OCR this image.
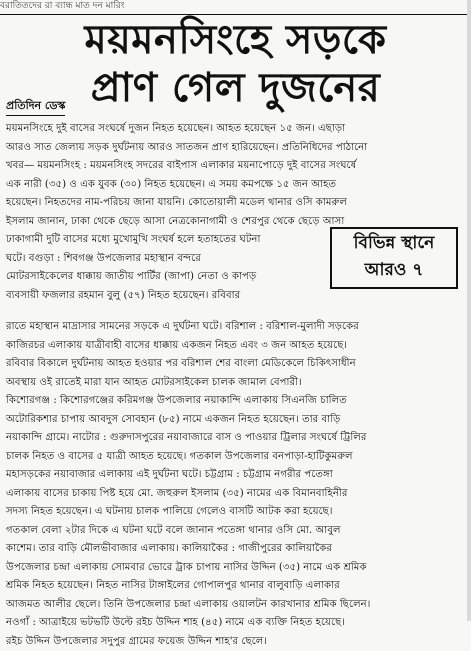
বরাতিতদের রা ব্যান্ধ মাত দন মারিং
ময়মনসিংহে সড়কে
প্রাণ গেল দুজনের
প্রতিদিন ডেস্ক
ময়মনসিংহে দুই বাসের সংঘর্ষে দুজন নিহত হয়েছেন। আহত হয়েছেন ১৫ জন। এছাড়া
আরও সাত জেলায় সড়ক দুর্ঘটনায় আরও সাতজন প্রাণ হারিয়েছেন। প্রতিনিধিদের পাঠানো
খবর— ময়মনসিংহ : ময়মনসিংহ সদরের বাইপাস এলাকার ময়নাপোড়ে দুই বাসের সংঘর্ষে
এক নারী (৩৫) ও এক যুবক (৩০) নিহত হয়েছেন। এ সময় কমপক্ষে ১৫ জন আহত
হয়েছেন। নিহতদের নাম-পরিচয় জানা যায়নি। কোতোয়ালী মডেল থানার ওসি কামরুল
ইসলাম জানান, ঢাকা থেকে ছেড়ে আসা নেত্রকোনাগামী ও শেরপুর থেকে ছেড়ে আসা
ঢাকাগামী দুটি বাসের মধ্যে মুখোমুখি সংঘর্ষ হলে হতাহতের ঘটনা
ঘটে। বগুড়া : শিবগঞ্জ উপজেলার মহাস্থান বন্দরে
মোটরসাইকেলের ধাক্কায় জাতীয় পার্টির (জাপা) নেতা ও কাপড়
ব্যবসায়ী ফজলার রহমান বুলু (৫৭) নিহত হয়েছেন। রবিবার
বিভিন্ন স্থানে
আরও ৭
রাতে মহাস্থান মাদ্রাসার সামনের সড়কে এ দুর্ঘটনা ঘটে। বরিশাল : বরিশাল-মুলাদী সড়কের
কাজিরচর এলাকায় যাত্রীবাহী বাসের ধাক্কায় একজন নিহত এবং ৩ জন আহত হয়েছে।
রবিবার বিকালে দুর্ঘটনায় আহত হওয়ার পর বরিশাল শের বাংলা মেডিকেলে চিকিৎসাধীন
অবস্থায় ওই রাতেই মারা যান আহত মোটরসাইকেল চালক জামাল বেপারী।
কিশোরগঞ্জ : কিশোরগঞ্জের করিমগঞ্জ উপজেলার নয়াকান্দি এলাকায় সিএনজি চালিত
অটোরিকশার চাপায় আবদুস সোবহান (৮৫) নামে একজন নিহত হয়েছেন। তার বাড়ি
নয়াকান্দি গ্রামে। নাটোর : গুরুদাসপুরের নয়াবাজারে বাস ও পাওয়ার ট্রিলার সংঘর্ষে ট্রিলির
চালক নিহত ও বাসের ৫ যাত্রী আহত হয়েছে। গতকাল উপজেলার বনপাড়া-হাটিকুমরুল
মহাসড়কের নয়াবাজার এলাকায় এই দুর্ঘটনা ঘটে। চট্টগ্রাম : চট্টগ্রাম নগরীর পতেঙ্গা
এলাকায় বাসের চাকায় পিষ্ট হয়ে মো. জহুরুল ইসলাম (৩৫) নামের এক বিমানবাহিনীর
সদস্য নিহত হয়েছেন। এ ঘটনায় চালক পালিয়ে গেলেও বাসটি আটক করা হয়েছে।
গতকাল বেলা ২টার দিকে এ ঘটনা ঘটে বলে জানান পতেঙ্গা থানার ওসি মো. আবুল
কাশেম। তার বাড়ি মৌলভীবাজার এলাকায়। কালিয়াকৈর : গাজীপুরের কালিয়াকৈর
উপজেলার চন্দ্রা এলাকায় সোমবার ভোরে ট্রাক চাপায় নাসির উদ্দিন (৩৫) নামে এক শ্রমিক
শ্রমিক নিহত হয়েছেন। নিহত নাসির টাঙ্গাইলের গোপালপুর থানার বালুবাড়ি এলাকার
আজমত আলীর ছেলে। তিনি উপজেলার চন্দ্রা এলাকায় ওয়ালটন কারখানার শ্রমিক ছিলেন।
নওগাঁ : আত্রাইয়ে ভটভটি উল্টে রইচ উদ্দিন শাহ (৪৫) নামে এক ব্যক্তি নিহত হয়েছে।
রইচ উদ্দিন উপজেলার সদুপুর গ্রামের ফয়েজ উদ্দিন শাহ'র ছেলে।
